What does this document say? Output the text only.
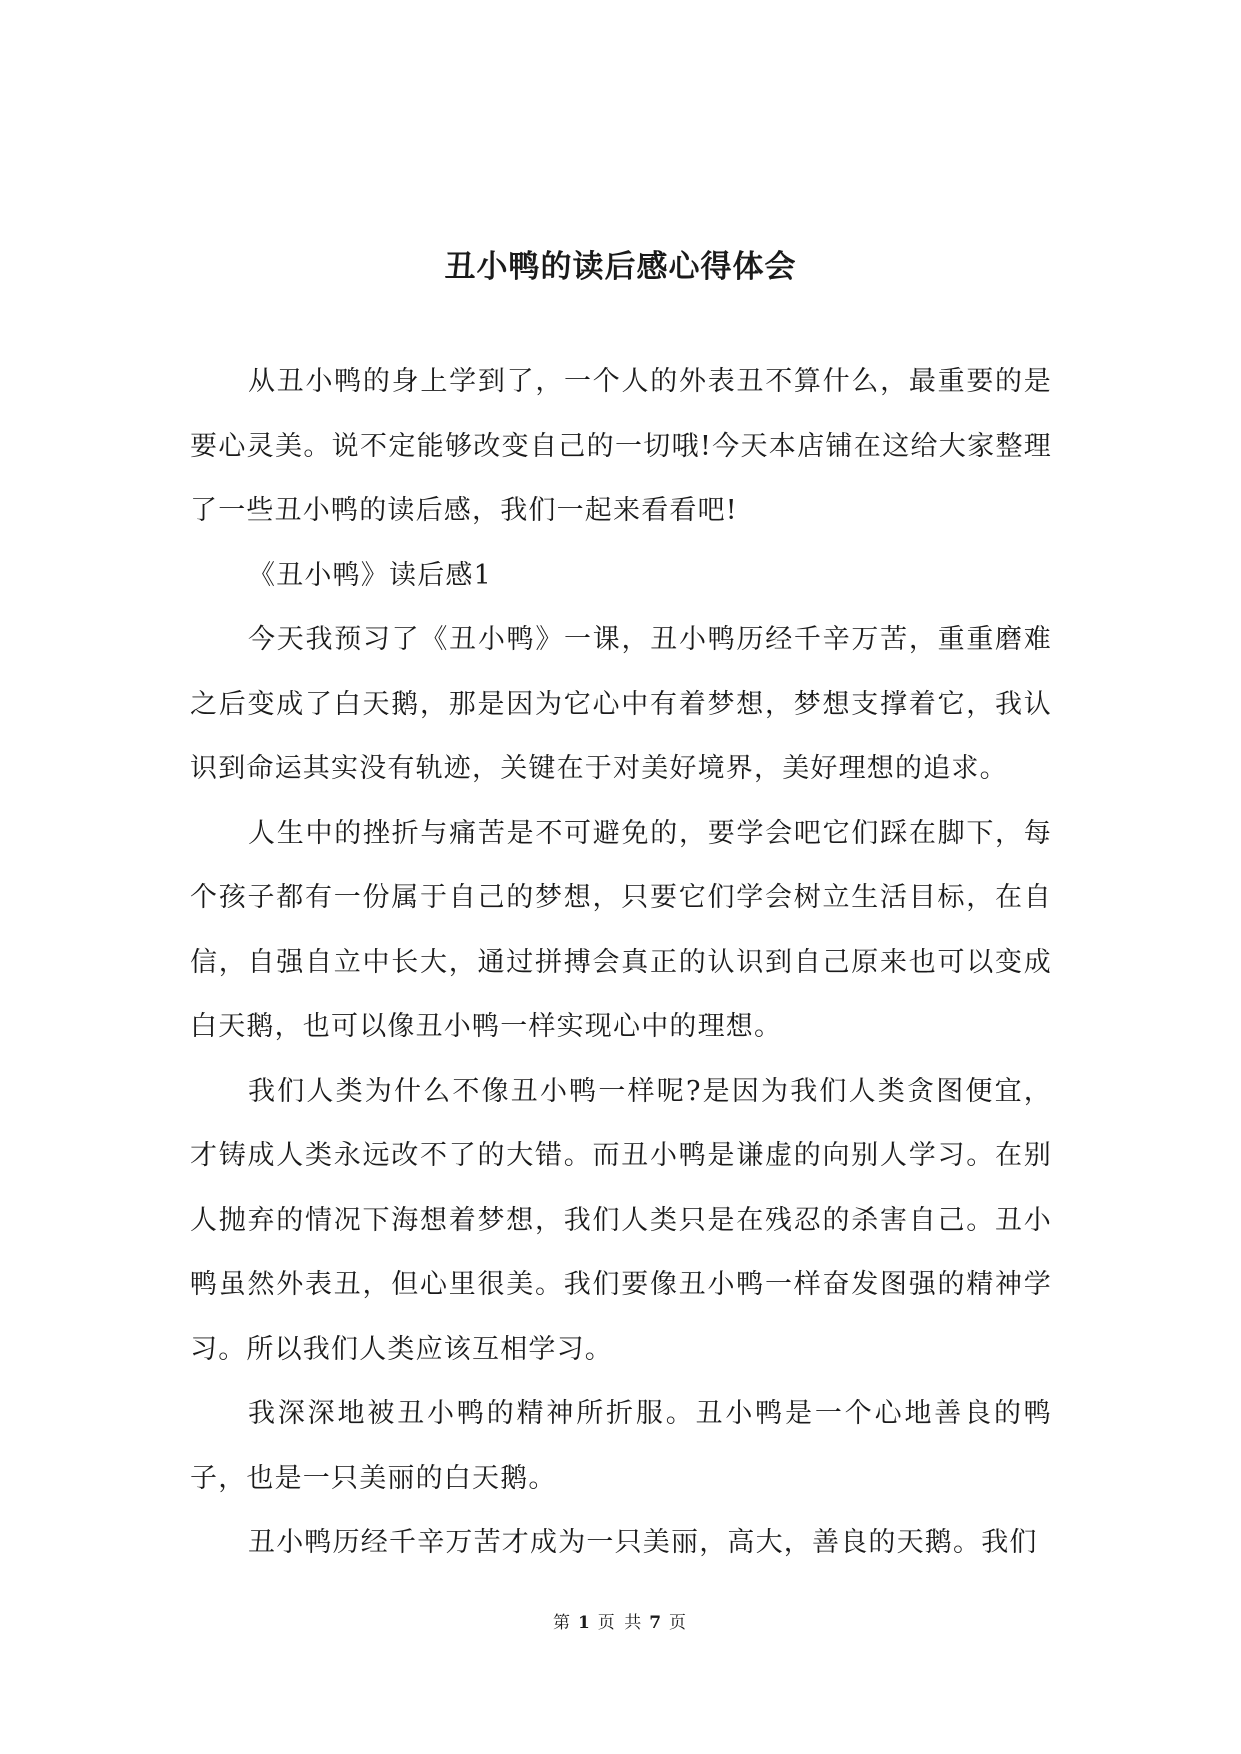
丑小鸭的读后感心得体会

从丑小鸭的身上学到了，一个人的外表丑不算什么，最重要的是要心灵美。说不定能够改变自己的一切哦!今天本店铺在这给大家整理了一些丑小鸭的读后感，我们一起来看看吧!

《丑小鸭》读后感1

今天我预习了《丑小鸭》一课，丑小鸭历经千辛万苦，重重磨难之后变成了白天鹅，那是因为它心中有着梦想，梦想支撑着它，我认识到命运其实没有轨迹，关键在于对美好境界，美好理想的追求。

人生中的挫折与痛苦是不可避免的，要学会吧它们踩在脚下，每个孩子都有一份属于自己的梦想，只要它们学会树立生活目标，在自信，自强自立中长大，通过拼搏会真正的认识到自己原来也可以变成白天鹅，也可以像丑小鸭一样实现心中的理想。

我们人类为什么不像丑小鸭一样呢?是因为我们人类贪图便宜，才铸成人类永远改不了的大错。而丑小鸭是谦虚的向别人学习。在别人抛弃的情况下海想着梦想，我们人类只是在残忍的杀害自己。丑小鸭虽然外表丑，但心里很美。我们要像丑小鸭一样奋发图强的精神学习。所以我们人类应该互相学习。

我深深地被丑小鸭的精神所折服。丑小鸭是一个心地善良的鸭子，也是一只美丽的白天鹅。

丑小鸭历经千辛万苦才成为一只美丽，高大，善良的天鹅。我们

第 1 页 共 7 页
